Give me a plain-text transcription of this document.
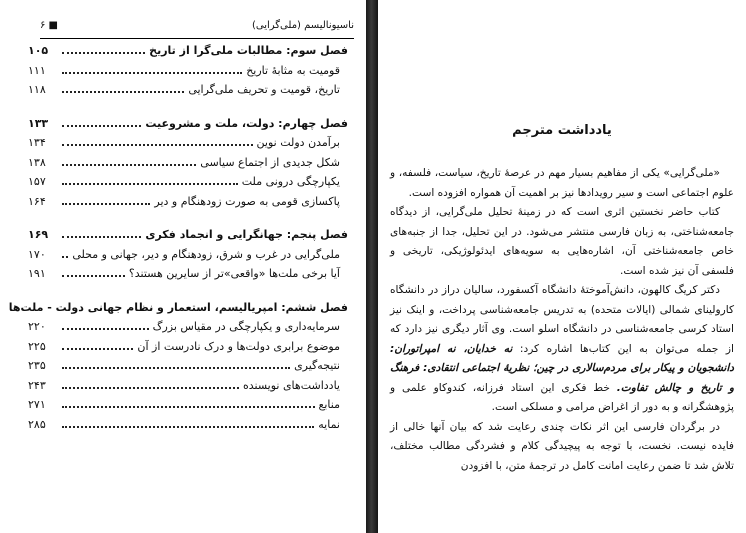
ناسیونالیسم (ملی‌گرایی)
۶ ■
فصل سوم: مطالبات ملی‌گرا از تاریخ
۱۰۵
قومیت به مثابهٔ تاریخ
۱۱۱
تاریخ، قومیت و تحریف ملی‌گرایی
۱۱۸
فصل چهارم: دولت، ملت و مشروعیت
۱۳۳
برآمدن دولت نوین
۱۳۴
شکل جدیدی از اجتماع سیاسی
۱۳۸
یکپارچگی درونی ملت
۱۵۷
پاکسازی قومی به صورت زودهنگام و دیر
۱۶۴
فصل پنجم: جهانگرایی و انجماد فکری
۱۶۹
ملی‌گرایی در غرب و شرق، زودهنگام و دیر، جهانی و محلی
۱۷۰
آیا برخی ملت‌ها «واقعی»تر از سایرین هستند؟
۱۹۱
فصل ششم: امپریالیسم، استعمار و نظام جهانی دولت - ملت‌ها
سرمایه‌داری و یکپارچگی در مقیاس بزرگ
۲۲۰
موضوع برابری دولت‌ها و درک نادرست از آن
۲۲۵
نتیجه‌گیری
۲۳۵
یادداشت‌های نویسنده
۲۴۳
منابع
۲۷۱
نمایه
۲۸۵
یادداشت مترجم

«ملی‌گرایی» یکی از مفاهیم بسیار مهم در عرصهٔ تاریخ، سیاست، فلسفه، و علوم اجتماعی است و سیر رویدادها نیز بر اهمیت آن همواره افزوده است.

کتاب حاضر نخستین اثری است که در زمینهٔ تحلیل ملی‌گرایی، از دیدگاه جامعه‌شناختی، به زبان فارسی منتشر می‌شود. در این تحلیل، جدا از جنبه‌های خاص جامعه‌شناختی آن، اشاره‌هایی به سویه‌های ایدئولوژیکی، تاریخی و فلسفی آن نیز شده است.

دکتر کریگ کالهون، دانش‌آموختهٔ دانشگاه آکسفورد، سالیان دراز در دانشگاه کارولینای شمالی (ایالات متحده) به تدریس جامعه‌شناسی پرداخت، و اینک نیز استاد کرسی جامعه‌شناسی در دانشگاه اسلو است. وی آثار دیگری نیز دارد که از جمله می‌توان به این کتاب‌ها اشاره کرد: نه خدایان، نه امپراتوران: دانشجویان و پیکار برای مردم‌سالاری در چین؛ نظریهٔ اجتماعی انتقادی: فرهنگ و تاریخ و چالش تفاوت. خط فکری این استاد فرزانه، کندوکاو علمی و پژوهشگرانه و به دور از اغراض مرامی و مسلکی است.

در برگردان فارسی این اثر نکات چندی رعایت شد که بیان آنها خالی از فایده نیست. نخست، با توجه به پیچیدگی کلام و فشردگی مطالب مختلف، تلاش شد تا ضمن رعایت امانت کامل در ترجمهٔ متن، با افزودن
